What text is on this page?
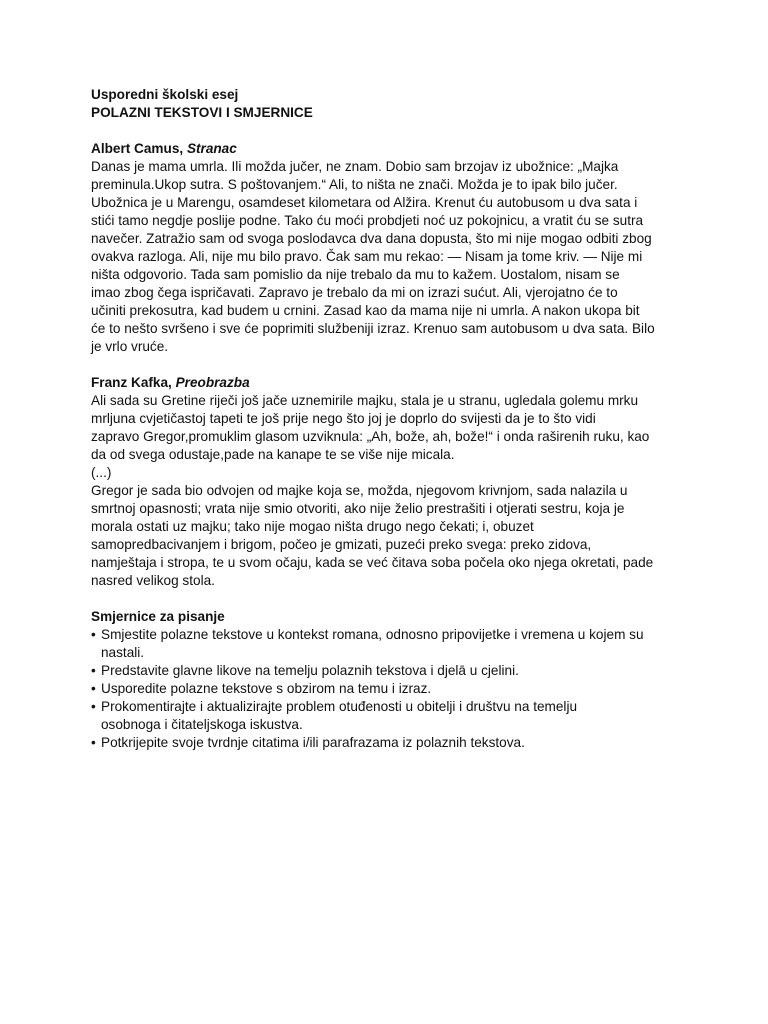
Usporedni školski esej
POLAZNI TEKSTOVI I SMJERNICE
Albert Camus, Stranac
Danas je mama umrla. Ili možda jučer, ne znam. Dobio sam brzojav iz ubožnice: „Majka
preminula.Ukop sutra. S poštovanjem.“ Ali, to ništa ne znači. Možda je to ipak bilo jučer.
Ubožnica je u Marengu, osamdeset kilometara od Alžira. Krenut ću autobusom u dva sata i
stići tamo negdje poslije podne. Tako ću moći probdjeti noć uz pokojnicu, a vratit ću se sutra
navečer. Zatražio sam od svoga poslodavca dva dana dopusta, što mi nije mogao odbiti zbog
ovakva razloga. Ali, nije mu bilo pravo. Čak sam mu rekao: — Nisam ja tome kriv. — Nije mi
ništa odgovorio. Tada sam pomislio da nije trebalo da mu to kažem. Uostalom, nisam se
imao zbog čega ispričavati. Zapravo je trebalo da mi on izrazi sućut. Ali, vjerojatno će to
učiniti prekosutra, kad budem u crnini. Zasad kao da mama nije ni umrla. A nakon ukopa bit
će to nešto svršeno i sve će poprimiti službeniji izraz. Krenuo sam autobusom u dva sata. Bilo
je vrlo vruće.
Franz Kafka, Preobrazba
Ali sada su Gretine riječi još jače uznemirile majku, stala je u stranu, ugledala golemu mrku
mrljuna cvjetičastoj tapeti te još prije nego što joj je doprlo do svijesti da je to što vidi
zapravo Gregor,promuklim glasom uzviknula: „Ah, bože, ah, bože!“ i onda raširenih ruku, kao
da od svega odustaje,pade na kanape te se više nije micala.
(...)
Gregor je sada bio odvojen od majke koja se, možda, njegovom krivnjom, sada nalazila u
smrtnoj opasnosti; vrata nije smio otvoriti, ako nije želio prestrašiti i otjerati sestru, koja je
morala ostati uz majku; tako nije mogao ništa drugo nego čekati; i, obuzet
samopredbacivanjem i brigom, počeo je gmizati, puzeći preko svega: preko zidova,
namještaja i stropa, te u svom očaju, kada se već čitava soba počela oko njega okretati, pade
nasred velikog stola.
Smjernice za pisanje
• Smjestite polazne tekstove u kontekst romana, odnosno pripovijetke i vremena u kojem su
nastali.
• Predstavite glavne likove na temelju polaznih tekstova i djelā u cjelini.
• Usporedite polazne tekstove s obzirom na temu i izraz.
• Prokomentirajte i aktualizirajte problem otuđenosti u obitelji i društvu na temelju
osobnoga i čitateljskoga iskustva.
• Potkrijepite svoje tvrdnje citatima i/ili parafrazama iz polaznih tekstova.
